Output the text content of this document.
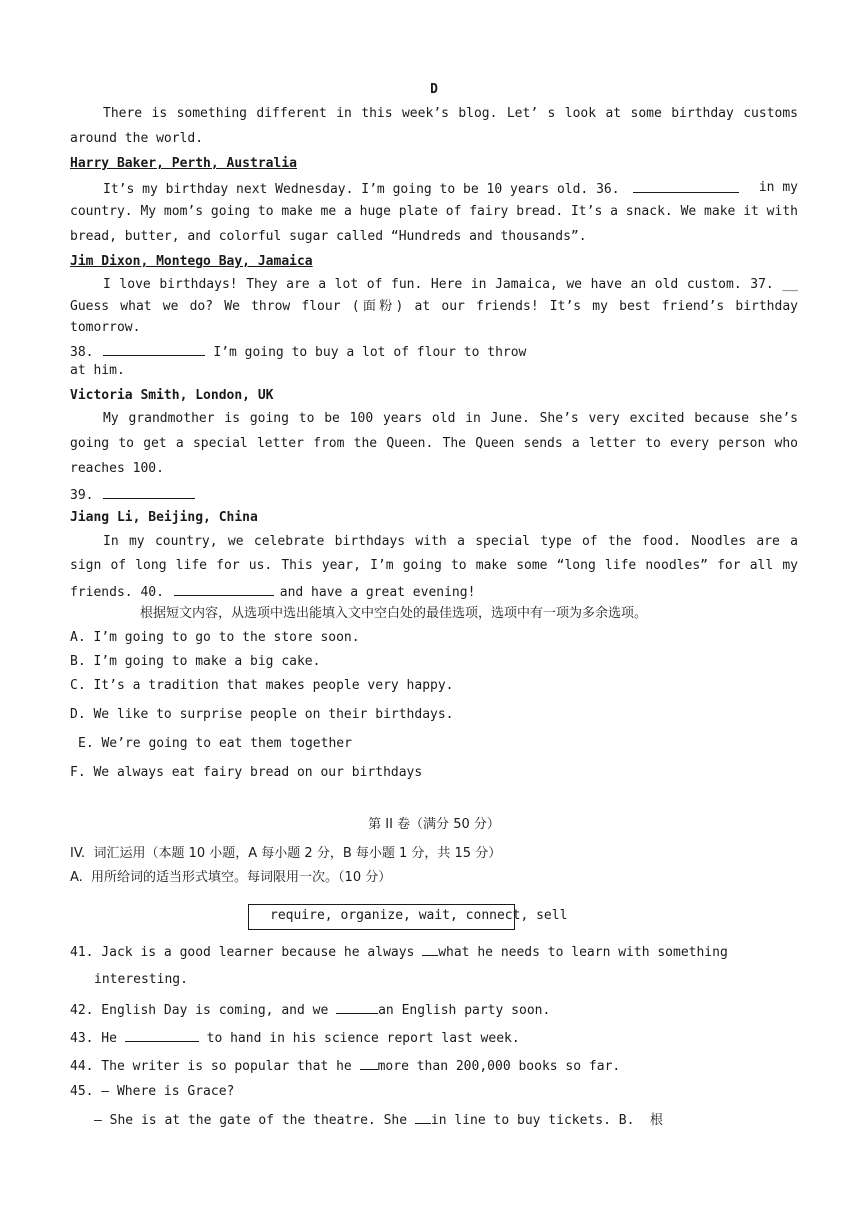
D
There is something different in this week’s blog. Let’ s look at some birthday customs
around the world.
Harry Baker, Perth, Australia
It’s my birthday next Wednesday. I’m going to be 10 years old. 36.	in my
country. My mom’s going to make me a huge plate of fairy bread. It’s a snack. We make it with
bread, butter, and colorful sugar called “Hundreds and thousands”.
Jim Dixon, Montego Bay, Jamaica
I love birthdays! They are a lot of fun. Here in Jamaica, we have an old custom. 37. __
Guess what we do? We throw flour (面粉) at our friends! It’s my best friend’s birthday
tomorrow.
38.	I’m going to buy a lot of flour to throw
at him.
Victoria Smith, London, UK
My grandmother is going to be 100 years old in June. She’s very excited because she’s
going to get a special letter from the Queen. The Queen sends a letter to every person who
reaches 100.
39.
Jiang Li, Beijing, China
In my country, we celebrate birthdays with a special type of the food. Noodles are a
sign of long life for us. This year, I’m going to make some “long life noodles” for all my
friends. 40.	and have a great evening!
根据短文内容，从选项中选出能填入文中空白处的最佳选项，选项中有一项为多余选项。
A. I’m going to go to the store soon.
B. I’m going to make a big cake.
C. It’s a tradition that makes people very happy.
D. We like to surprise people on their birthdays.
E. We’re going to eat them together
F. We always eat fairy bread on our birthdays
第 II 卷（满分 50 分）
IV.  词汇运用（本题 10 小题，A 每小题 2 分，B 每小题 1 分，共 15 分）
A.  用所给词的适当形式填空。每词限用一次。（10 分）
require, organize, wait, connect, sell
41. Jack is a good learner because he always what he needs to learn with something
interesting.
42. English Day is coming, and we	an English party soon.
43. He	to hand in his science report last week.
44. The writer is so popular that he more than 200,000 books so far.
45. — Where is Grace?
— She is at the gate of the theatre. She in line to buy tickets. B.  根
